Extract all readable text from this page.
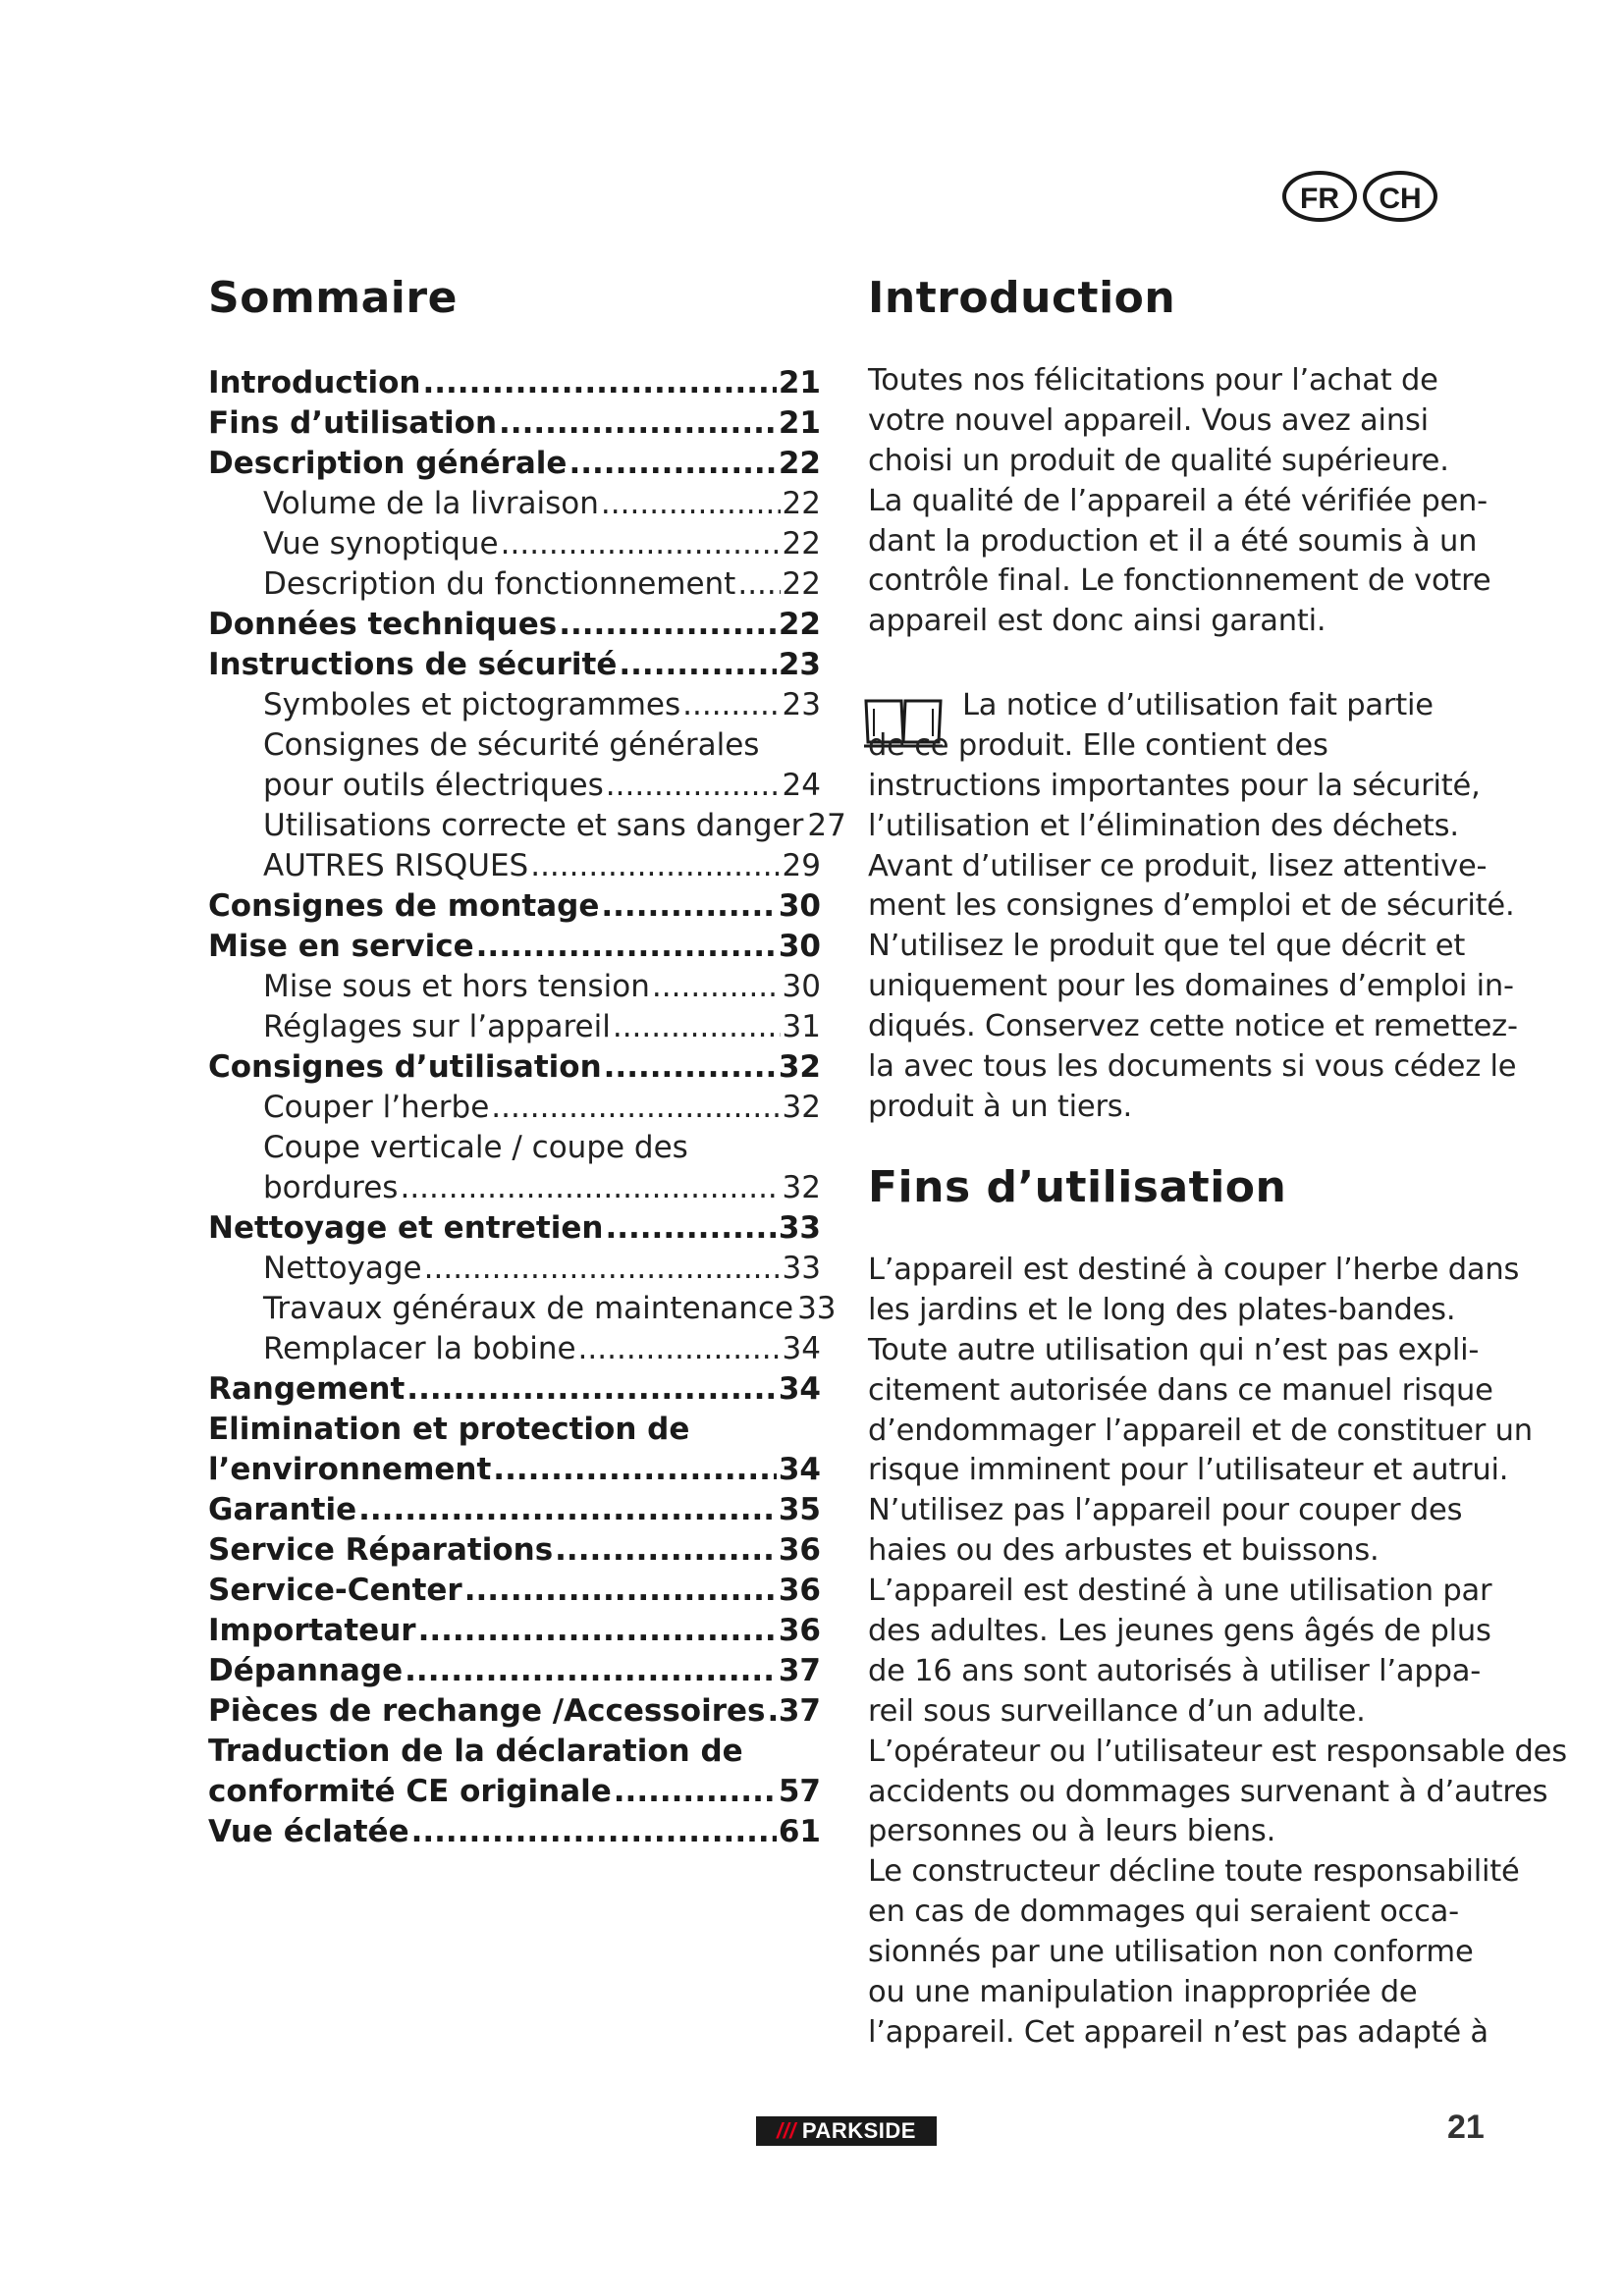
FR	CH
Sommaire	Introduction
Introduction .....	21
Fins d’utilisation .....	21
Description générale .....	22
Volume de la livraison .....	22
Vue synoptique .....	22
Description du fonctionnement ..... 22
Données techniques .....	22
Instructions de sécurité .....	23
Symboles et pictogrammes .....	23
Consignes de sécurité générales
pour outils électriques .....	24
Utilisations correcte et sans danger 27
AUTRES RISQUES .....	29
Consignes de montage .....	30
Mise en service .....	30
Mise sous et hors tension .....	30
Réglages sur l’appareil .....	31
Consignes d’utilisation .....	32
Couper l’herbe .....	32
Coupe verticale / coupe des
bordures .....	32
Nettoyage et entretien .....	33
Nettoyage .....	33
Travaux généraux de maintenance 33
Remplacer la bobine .....	34
Rangement .....	34
Elimination et protection de
l’environnement .....	34
Garantie .....	35
Service Réparations .....	36
Service-Center .....	36
Importateur .....	36
Dépannage .....	37
Pièces de rechange /Accessoires ..... 37
Traduction de la déclaration de
conformité CE originale .....	57
Vue éclatée .....	61
Toutes nos félicitations pour l’achat de
votre nouvel appareil. Vous avez ainsi
choisi un produit de qualité supérieure.
La qualité de l’appareil a été vérifiée pen-
dant la production et il a été soumis à un
contrôle final. Le fonctionnement de votre
appareil est donc ainsi garanti.
La notice d’utilisation fait partie
de ce produit. Elle contient des
instructions importantes pour la sécurité,
l’utilisation et l’élimination des déchets.
Avant d’utiliser ce produit, lisez attentive-
ment les consignes d’emploi et de sécurité.
N’utilisez le produit que tel que décrit et
uniquement pour les domaines d’emploi in-
diqués. Conservez cette notice et remettez-
la avec tous les documents si vous cédez le
produit à un tiers.
Fins d’utilisation
L’appareil est destiné à couper l’herbe dans
les jardins et le long des plates-bandes.
Toute autre utilisation qui n’est pas expli-
citement autorisée dans ce manuel risque
d’endommager l’appareil et de constituer un
risque imminent pour l’utilisateur et autrui.
N’utilisez pas l’appareil pour couper des
haies ou des arbustes et buissons.
L’appareil est destiné à une utilisation par
des adultes. Les jeunes gens âgés de plus
de 16 ans sont autorisés à utiliser l’appa-
reil sous surveillance d’un adulte.
L’opérateur ou l’utilisateur est responsable des
accidents ou dommages survenant à d’autres
personnes ou à leurs biens.
Le constructeur décline toute responsabilité
en cas de dommages qui seraient occa-
sionnés par une utilisation non conforme
ou une manipulation inappropriée de
l’appareil. Cet appareil n’est pas adapté à
/// PARKSIDE	21
